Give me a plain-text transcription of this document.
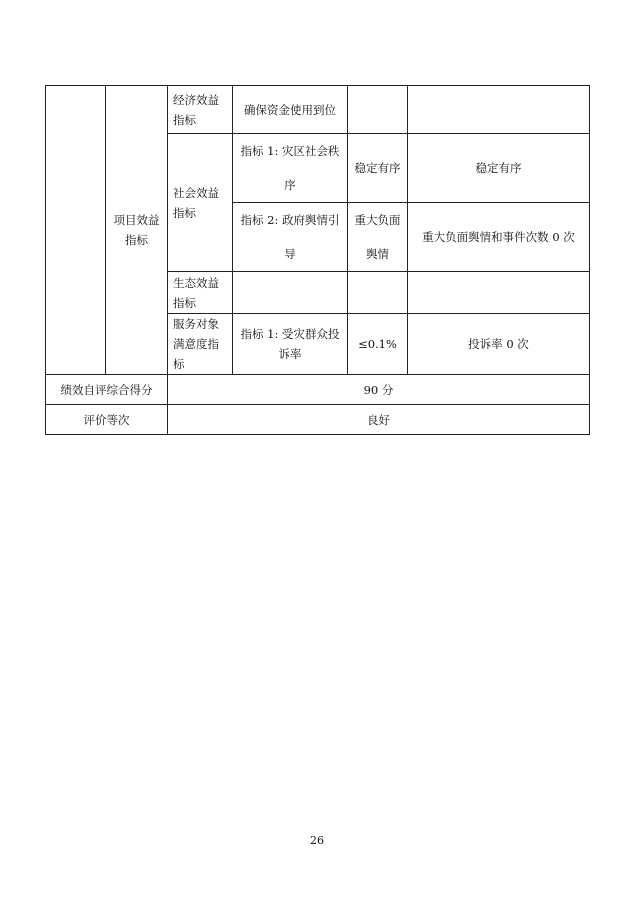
	项目效益指标	经济效益指标	确保资金使用到位		
		社会效益指标	指标 1: 灾区社会秩序	稳定有序	稳定有序
			指标 2: 政府舆情引导	重大负面舆情	重大负面舆情和事件次数 0 次
		生态效益指标			
		服务对象满意度指标	指标 1: 受灾群众投诉率	≤0.1%	投诉率 0 次
绩效自评综合得分		90 分			
评价等次		良好			
26
